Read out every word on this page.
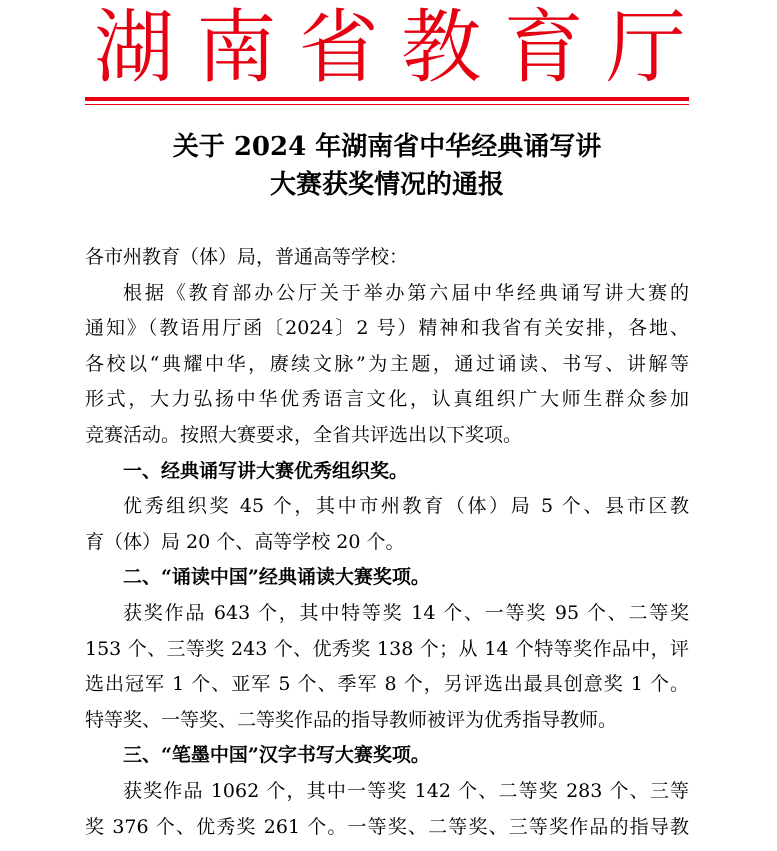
湖 南 省 教 育 厅
关于 2024 年湖南省中华经典诵写讲
大赛获奖情况的通报

各市州教育（体）局，普通高等学校：

根据《教育部办公厅关于举办第六届中华经典诵写讲大赛的

通知》（教语用厅函〔2024〕2 号）精神和我省有关安排，各地、

各校以“典耀中华，赓续文脉”为主题，通过诵读、书写、讲解等

形式，大力弘扬中华优秀语言文化，认真组织广大师生群众参加

竞赛活动。按照大赛要求，全省共评选出以下奖项。

一、经典诵写讲大赛优秀组织奖。

优秀组织奖 45 个，其中市州教育（体）局 5 个、县市区教

育（体）局 20 个、高等学校 20 个。

二、“诵读中国”经典诵读大赛奖项。

获奖作品 643 个，其中特等奖 14 个、一等奖 95 个、二等奖

153 个、三等奖 243 个、优秀奖 138 个；从 14 个特等奖作品中，评

选出冠军 1 个、亚军 5 个、季军 8 个，另评选出最具创意奖 1 个。

特等奖、一等奖、二等奖作品的指导教师被评为优秀指导教师。

三、“笔墨中国”汉字书写大赛奖项。

获奖作品 1062 个，其中一等奖 142 个、二等奖 283 个、三等

奖 376 个、优秀奖 261 个。一等奖、二等奖、三等奖作品的指导教
